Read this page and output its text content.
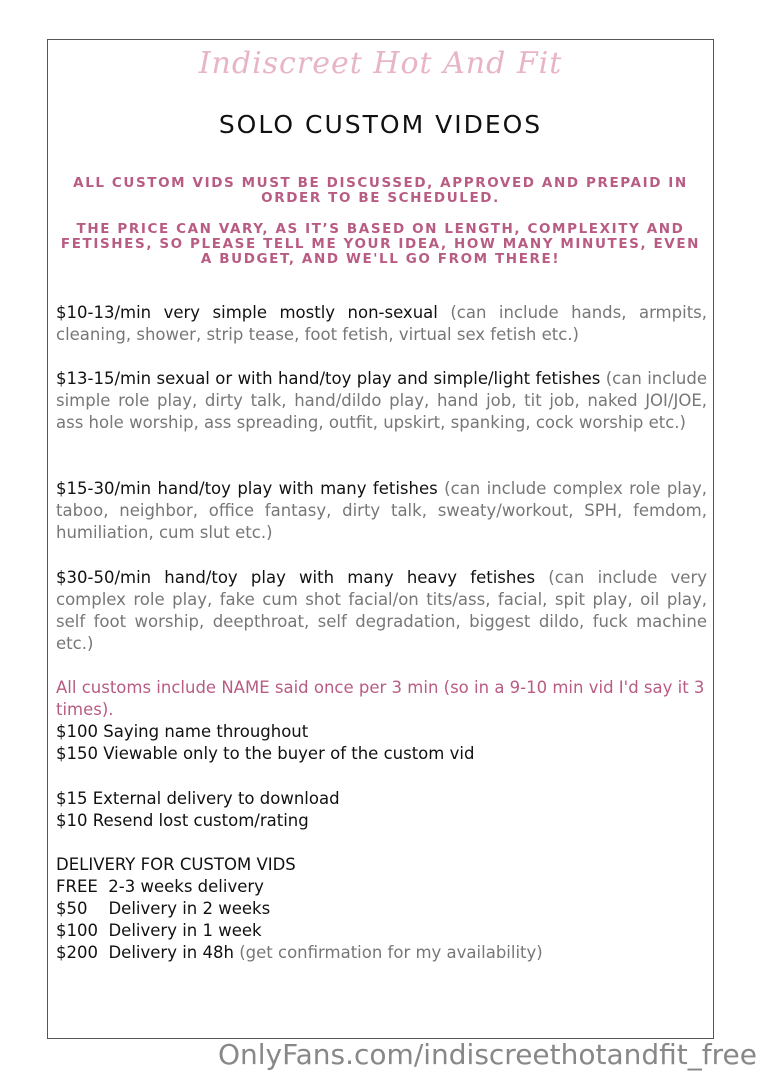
Indiscreet Hot And Fit
SOLO CUSTOM VIDEOS
ALL CUSTOM VIDS MUST BE DISCUSSED, APPROVED AND PREPAID IN ORDER TO BE SCHEDULED.
THE PRICE CAN VARY, AS IT’S BASED ON LENGTH, COMPLEXITY AND FETISHES, SO PLEASE TELL ME YOUR IDEA, HOW MANY MINUTES, EVEN A BUDGET, AND WE'LL GO FROM THERE!

$10-13/min very simple mostly non-sexual (can include hands, armpits, cleaning, shower, strip tease, foot fetish, virtual sex fetish etc.)

$13-15/min sexual or with hand/toy play and simple/light fetishes (can include simple role play, dirty talk, hand/dildo play, hand job, tit job, naked JOI/JOE, ass hole worship, ass spreading, outfit, upskirt, spanking, cock worship etc.)

$15-30/min hand/toy play with many fetishes (can include complex role play, taboo, neighbor, office fantasy, dirty talk, sweaty/workout, SPH, femdom, humiliation, cum slut etc.)

$30-50/min hand/toy play with many heavy fetishes (can include very complex role play, fake cum shot facial/on tits/ass, facial, spit play, oil play, self foot worship, deepthroat, self degradation, biggest dildo, fuck machine etc.)

All customs include NAME said once per 3 min (so in a 9-10 min vid I'd say it 3 times).

$100 Saying name throughout
$150 Viewable only to the buyer of the custom vid
$15 External delivery to download
$10 Resend lost custom/rating
DELIVERY FOR CUSTOM VIDS
FREE  2-3 weeks delivery
$50    Delivery in 2 weeks
$100  Delivery in 1 week
$200  Delivery in 48h (get confirmation for my availability)
OnlyFans.com/indiscreethotandfit_free
